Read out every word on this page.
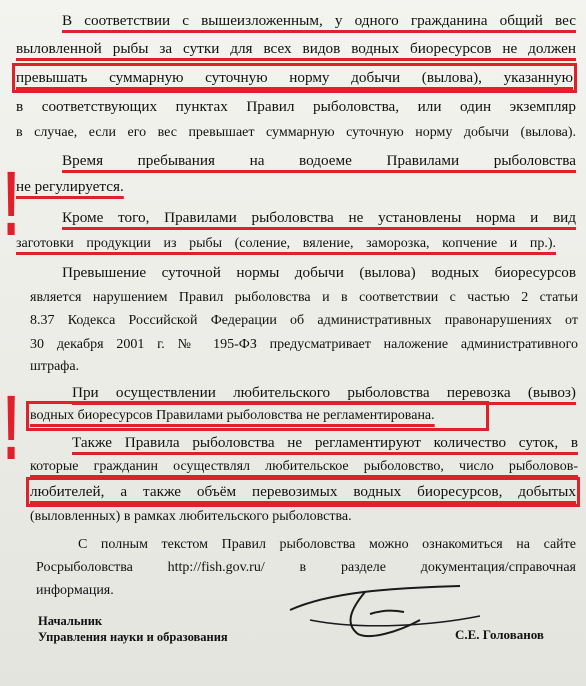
!
!
В соответствии с вышеизложенным, у одного гражданина общий вес
выловленной рыбы за сутки для всех видов водных биоресурсов не должен
превышать суммарную суточную норму добычи (вылова), указанную
в соответствующих пунктах Правил рыболовства, или один экземпляр
в случае, если его вес превышает суммарную суточную норму добычи (вылова).
Время пребывания на водоеме Правилами рыболовства
не регулируется.
Кроме того, Правилами рыболовства не установлены норма и вид
заготовки продукции из рыбы (соление, вяление, заморозка, копчение и пр.).
Превышение суточной нормы добычи (вылова) водных биоресурсов
является нарушением Правил рыболовства и в соответствии с частью 2 статьи
8.37 Кодекса Российской Федерации об административных правонарушениях от
30 декабря 2001 г. № 195-ФЗ предусматривает наложение административного
штрафа.
При осуществлении любительского рыболовства перевозка (вывоз)
водных биоресурсов Правилами рыболовства не регламентирована.
Также Правила рыболовства не регламентируют количество суток, в
которые гражданин осуществлял любительское рыболовство, число рыболовов-
любителей, а также объём перевозимых водных биоресурсов, добытых
(выловленных) в рамках любительского рыболовства.
С полным текстом Правил рыболовства можно ознакомиться на сайте
Росрыболовства http://fish.gov.ru/ в разделе документация/справочная
информация.
Начальник
Управления науки и образования	С.Е. Голованов
